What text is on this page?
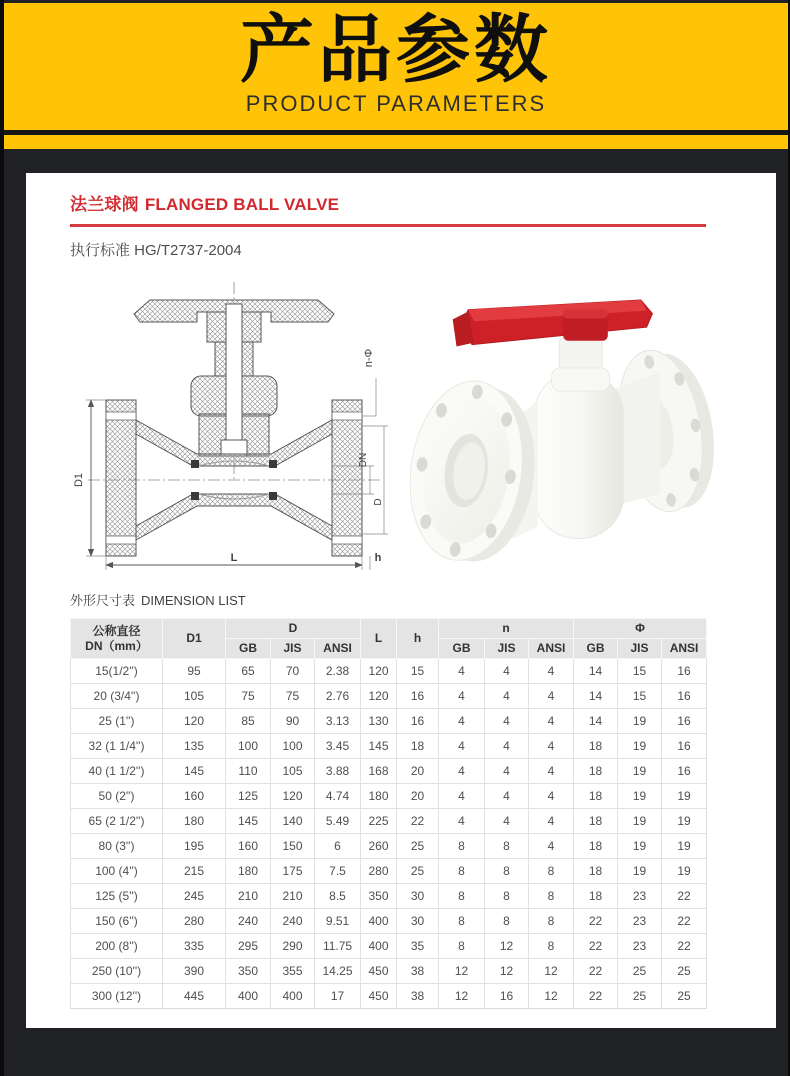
产品参数
PRODUCT PARAMETERS
法兰球阀 FLANGED BALL VALVE
执行标准 HG/T2737-2004
D1
L	h
n-Φ
DN
D
外形尺寸表 DIMENSION LIST
公称直径
DN（mm）	D1	D			L	h	n			Φ		
		GB	JIS	ANSI			GB	JIS	ANSI	GB	JIS	ANSI
15(1/2'')	95	65	70	2.38	120	15	4	4	4	14	15	16
20 (3/4'')	105	75	75	2.76	120	16	4	4	4	14	15	16
25 (1'')	120	85	90	3.13	130	16	4	4	4	14	19	16
32 (1 1/4'')	135	100	100	3.45	145	18	4	4	4	18	19	16
40 (1 1/2'')	145	110	105	3.88	168	20	4	4	4	18	19	16
50 (2'')	160	125	120	4.74	180	20	4	4	4	18	19	19
65 (2 1/2'')	180	145	140	5.49	225	22	4	4	4	18	19	19
80 (3'')	195	160	150	6	260	25	8	8	4	18	19	19
100 (4'')	215	180	175	7.5	280	25	8	8	8	18	19	19
125 (5'')	245	210	210	8.5	350	30	8	8	8	18	23	22
150 (6'')	280	240	240	9.51	400	30	8	8	8	22	23	22
200 (8'')	335	295	290	11.75	400	35	8	12	8	22	23	22
250 (10'')	390	350	355	14.25	450	38	12	12	12	22	25	25
300 (12'')	445	400	400	17	450	38	12	16	12	22	25	25
